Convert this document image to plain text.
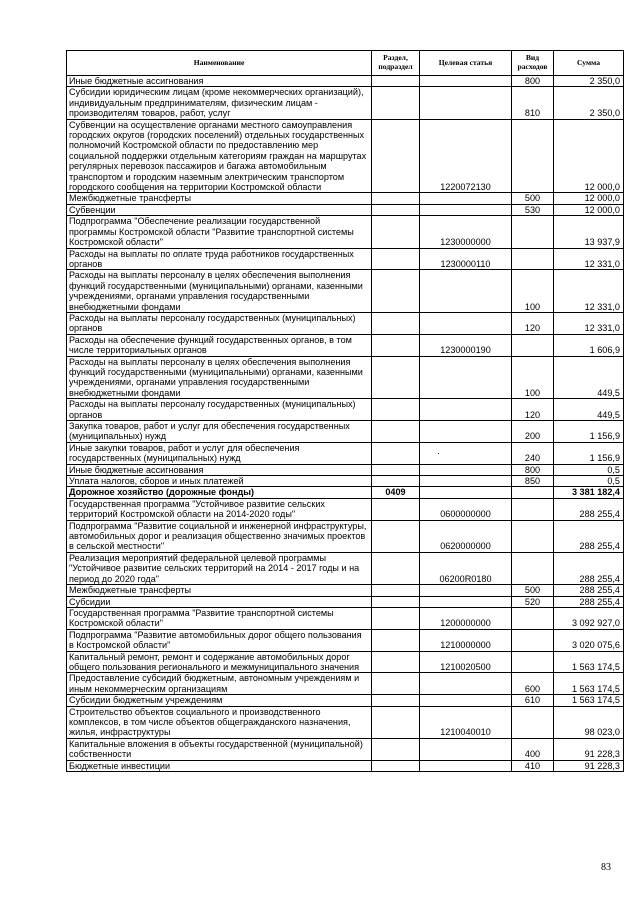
Наименование	Раздел, подраздел	Целевая статья	Вид расходов	Сумма
Иные бюджетные ассигнования			800	2 350,0
Субсидии юридическим лицам (кроме некоммерческих организаций), индивидуальным предпринимателям, физическим лицам - производителям товаров, работ, услуг			810	2 350,0
Субвенции на осуществление органами местного самоуправления городских округов (городских поселений) отдельных государственных полномочий Костромской области по предоставлению мер социальной поддержки отдельным категориям граждан на маршрутах регулярных перевозок пассажиров и багажа автомобильным транспортом и городским наземным электрическим транспортом городского сообщения на территории Костромской области		1220072130		12 000,0
Межбюджетные трансферты			500	12 000,0
Субвенции			530	12 000,0
Подпрограмма "Обеспечение реализации государственной программы Костромской области "Развитие транспортной системы Костромской области"		1230000000		13 937,9
Расходы на выплаты по оплате труда работников государственных органов		1230000110		12 331,0
Расходы на выплаты персоналу в целях обеспечения выполнения функций государственными (муниципальными) органами, казенными учреждениями, органами управления государственными внебюджетными фондами			100	12 331,0
Расходы на выплаты персоналу государственных (муниципальных) органов			120	12 331,0
Расходы на обеспечение функций государственных органов, в том числе территориальных органов		1230000190		1 606,9
Расходы на выплаты персоналу в целях обеспечения выполнения функций государственными (муниципальными) органами, казенными учреждениями, органами управления государственными внебюджетными фондами			100	449,5
Расходы на выплаты персоналу государственных (муниципальных) органов			120	449,5
Закупка товаров, работ и услуг для обеспечения государственных (муниципальных) нужд			200	1 156,9
Иные закупки товаров, работ и услуг для обеспечения государственных (муниципальных) нужд			240	1 156,9
Иные бюджетные ассигнования			800	0,5
Уплата налогов, сборов и иных платежей			850	0,5
Дорожное хозяйство (дорожные фонды)	0409			3 381 182,4
Государственная программа "Устойчивое развитие сельских территорий Костромской области на 2014-2020 годы"		0600000000		288 255,4
Подпрограмма "Развитие социальной и инженерной инфраструктуры, автомобильных дорог и реализация общественно значимых проектов в сельской местности"		0620000000		288 255,4
Реализация мероприятий федеральной целевой программы "Устойчивое развитие сельских территорий на 2014 - 2017 годы и на период до 2020 года"		06200R0180		288 255,4
Межбюджетные трансферты			500	288 255,4
Субсидии			520	288 255,4
Государственная программа "Развитие транспортной системы Костромской области"		1200000000		3 092 927,0
Подпрограмма "Развитие автомобильных дорог общего пользования в Костромской области"		1210000000		3 020 075,6
Капитальный ремонт, ремонт и содержание автомобильных дорог общего пользования регионального и межмуниципального значения		1210020500		1 563 174,5
Предоставление субсидий бюджетным, автономным учреждениям и иным некоммерческим организациям			600	1 563 174,5
Субсидии бюджетным учреждениям			610	1 563 174,5
Строительство объектов социального и производственного комплексов, в том числе объектов общегражданского назначения, жилья, инфраструктуры		1210040010		98 023,0
Капитальные вложения в объекты государственной (муниципальной) собственности			400	91 228,3
Бюджетные инвестиции			410	91 228,3
·
83
